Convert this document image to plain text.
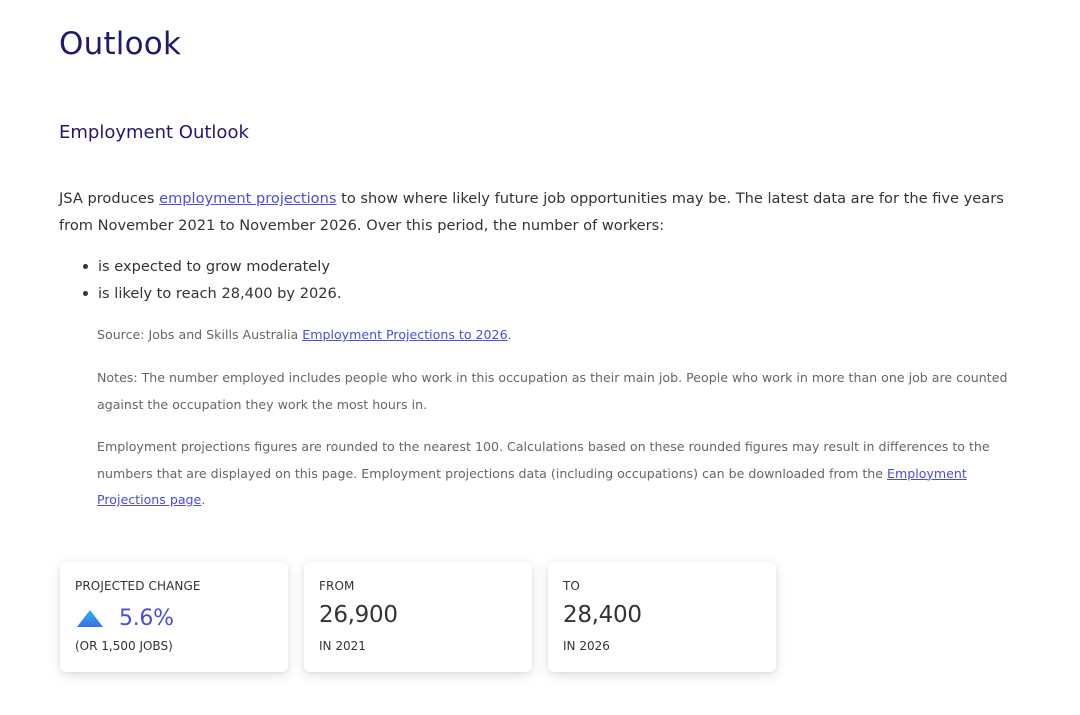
Outlook
Employment Outlook

JSA produces employment projections to show where likely future job opportunities may be. The latest data are for the five years from November 2021 to November 2026. Over this period, the number of workers:

is expected to grow moderately
is likely to reach 28,400 by 2026.

Source: Jobs and Skills Australia Employment Projections to 2026.

Notes: The number employed includes people who work in this occupation as their main job. People who work in more than one job are counted against the occupation they work the most hours in.

Employment projections figures are rounded to the nearest 100. Calculations based on these rounded figures may result in differences to the numbers that are displayed on this page. Employment projections data (including occupations) can be downloaded from the Employment Projections page.

PROJECTED CHANGE
5.6%
(OR 1,500 JOBS)
FROM
26,900
IN 2021
TO
28,400
IN 2026
